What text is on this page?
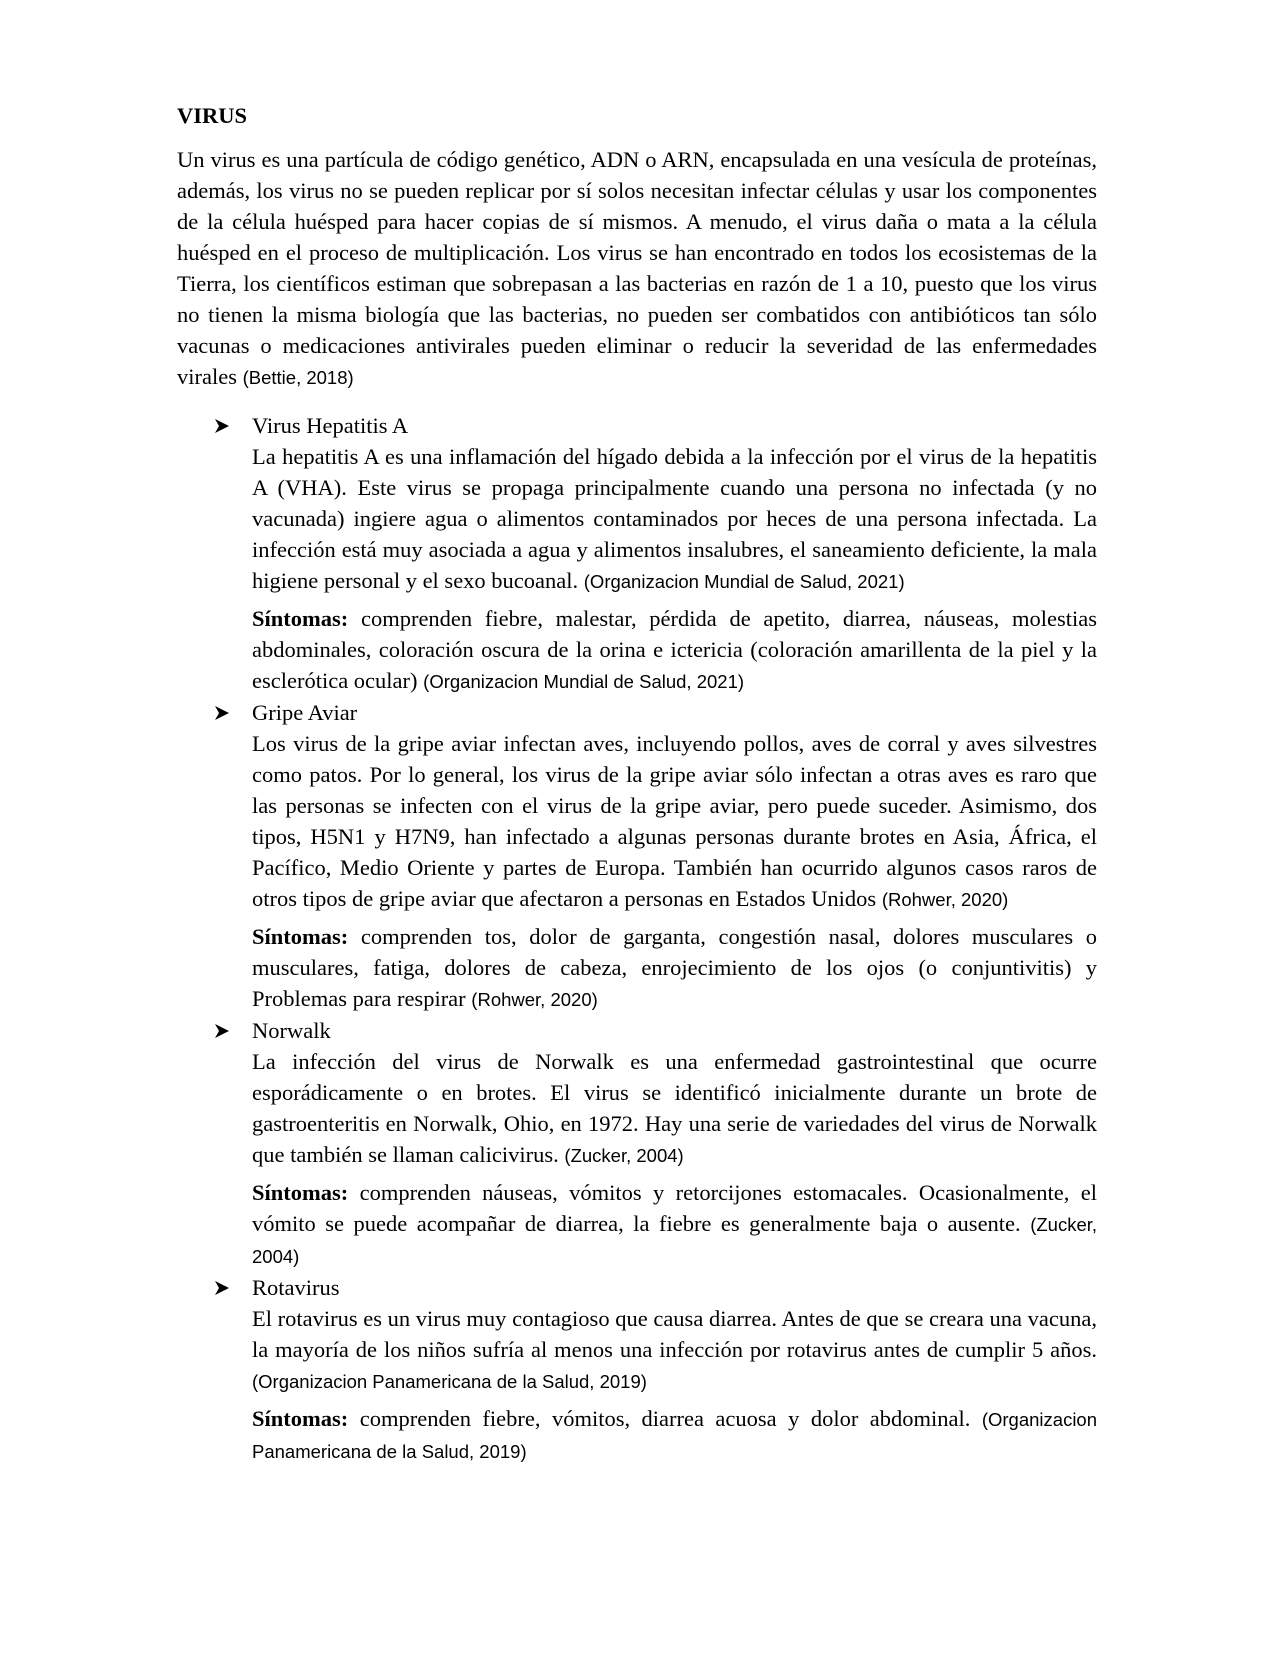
VIRUS

Un virus es una partícula de código genético, ADN o ARN, encapsulada en una vesícula de proteínas, además, los virus no se pueden replicar por sí solos necesitan infectar células y usar los componentes de la célula huésped para hacer copias de sí mismos. A menudo, el virus daña o mata a la célula huésped en el proceso de multiplicación. Los virus se han encontrado en todos los ecosistemas de la Tierra, los científicos estiman que sobrepasan a las bacterias en razón de 1 a 10, puesto que los virus no tienen la misma biología que las bacterias, no pueden ser combatidos con antibióticos tan sólo vacunas o medicaciones antivirales pueden eliminar o reducir la severidad de las enfermedades virales (Bettie, 2018)

Virus Hepatitis A

La hepatitis A es una inflamación del hígado debida a la infección por el virus de la hepatitis A (VHA). Este virus se propaga principalmente cuando una persona no infectada (y no vacunada) ingiere agua o alimentos contaminados por heces de una persona infectada. La infección está muy asociada a agua y alimentos insalubres, el saneamiento deficiente, la mala higiene personal y el sexo bucoanal. (Organizacion Mundial de Salud, 2021)

Síntomas: comprenden fiebre, malestar, pérdida de apetito, diarrea, náuseas, molestias abdominales, coloración oscura de la orina e ictericia (coloración amarillenta de la piel y la esclerótica ocular) (Organizacion Mundial de Salud, 2021)

Gripe Aviar

Los virus de la gripe aviar infectan aves, incluyendo pollos, aves de corral y aves silvestres como patos. Por lo general, los virus de la gripe aviar sólo infectan a otras aves es raro que las personas se infecten con el virus de la gripe aviar, pero puede suceder. Asimismo, dos tipos, H5N1 y H7N9, han infectado a algunas personas durante brotes en Asia, África, el Pacífico, Medio Oriente y partes de Europa. También han ocurrido algunos casos raros de otros tipos de gripe aviar que afectaron a personas en Estados Unidos (Rohwer, 2020)

Síntomas: comprenden tos, dolor de garganta, congestión nasal, dolores musculares o musculares, fatiga, dolores de cabeza, enrojecimiento de los ojos (o conjuntivitis) y Problemas para respirar (Rohwer, 2020)

Norwalk

La infección del virus de Norwalk es una enfermedad gastrointestinal que ocurre esporádicamente o en brotes. El virus se identificó inicialmente durante un brote de gastroenteritis en Norwalk, Ohio, en 1972. Hay una serie de variedades del virus de Norwalk que también se llaman calicivirus. (Zucker, 2004)

Síntomas: comprenden náuseas, vómitos y retorcijones estomacales. Ocasionalmente, el vómito se puede acompañar de diarrea, la fiebre es generalmente baja o ausente. (Zucker, 2004)

Rotavirus

El rotavirus es un virus muy contagioso que causa diarrea. Antes de que se creara una vacuna, la mayoría de los niños sufría al menos una infección por rotavirus antes de cumplir 5 años. (Organizacion Panamericana de la Salud, 2019)

Síntomas: comprenden fiebre, vómitos, diarrea acuosa y dolor abdominal. (Organizacion Panamericana de la Salud, 2019)
